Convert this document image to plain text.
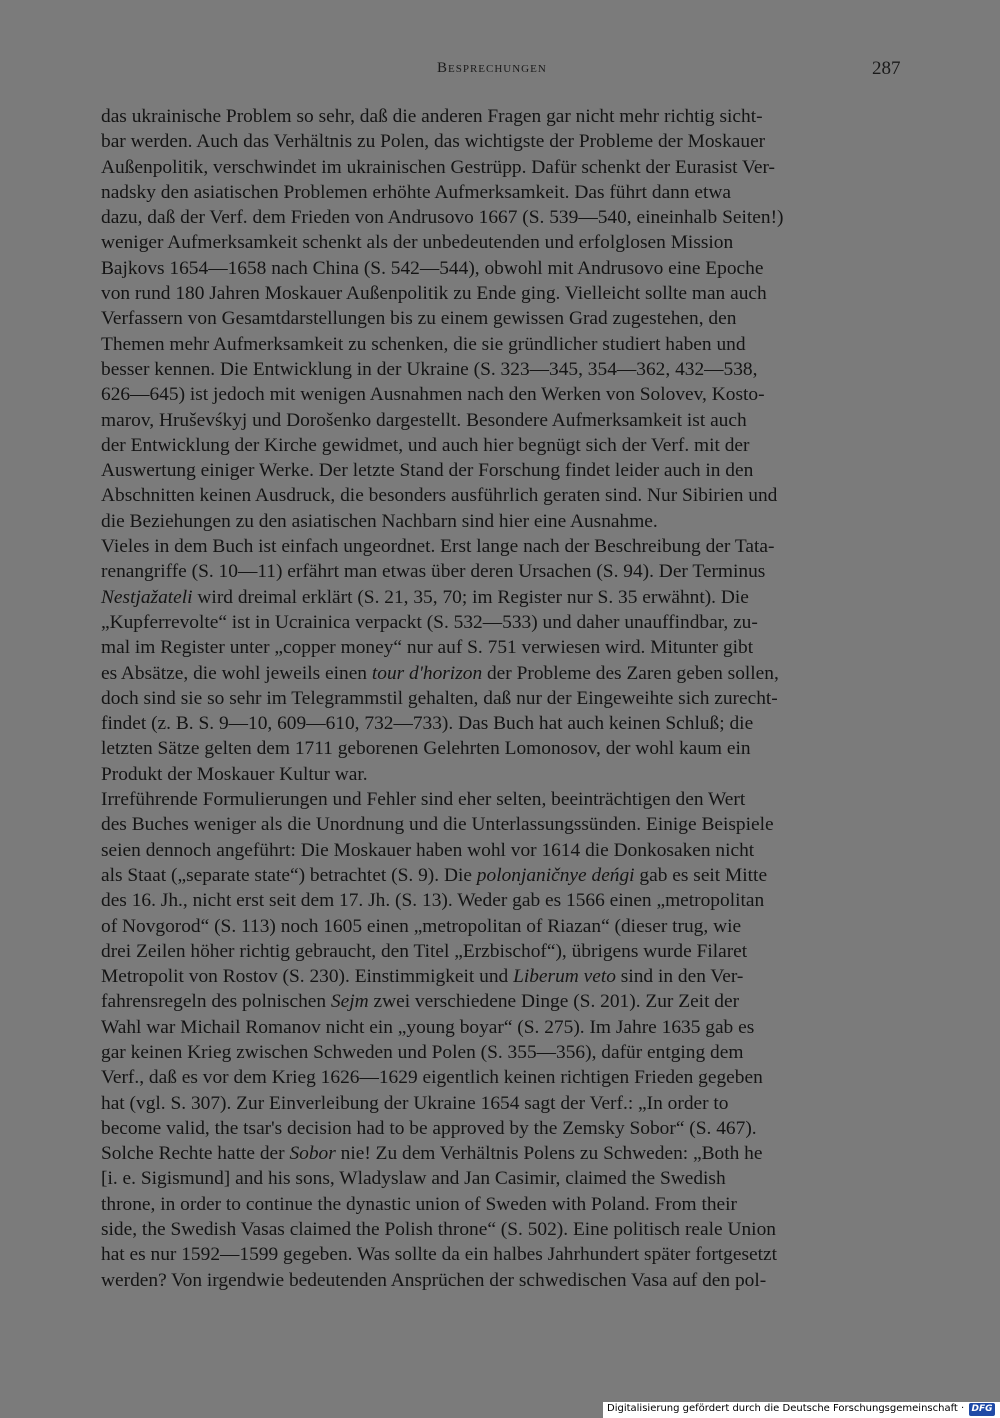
Besprechungen	287
das ukrainische Problem so sehr, daß die anderen Fragen gar nicht mehr richtig sicht-
bar werden. Auch das Verhältnis zu Polen, das wichtigste der Probleme der Moskauer
Außenpolitik, verschwindet im ukrainischen Gestrüpp. Dafür schenkt der Eurasist Ver-
nadsky den asiatischen Problemen erhöhte Aufmerksamkeit. Das führt dann etwa
dazu, daß der Verf. dem Frieden von Andrusovo 1667 (S. 539—540, eineinhalb Seiten!)
weniger Aufmerksamkeit schenkt als der unbedeutenden und erfolglosen Mission
Bajkovs 1654—1658 nach China (S. 542—544), obwohl mit Andrusovo eine Epoche
von rund 180 Jahren Moskauer Außenpolitik zu Ende ging. Vielleicht sollte man auch
Verfassern von Gesamtdarstellungen bis zu einem gewissen Grad zugestehen, den
Themen mehr Aufmerksamkeit zu schenken, die sie gründlicher studiert haben und
besser kennen. Die Entwicklung in der Ukraine (S. 323—345, 354—362, 432—538,
626—645) ist jedoch mit wenigen Ausnahmen nach den Werken von Solovev, Kosto-
marov, Hruševśkyj und Dorošenko dargestellt. Besondere Aufmerksamkeit ist auch
der Entwicklung der Kirche gewidmet, und auch hier begnügt sich der Verf. mit der
Auswertung einiger Werke. Der letzte Stand der Forschung findet leider auch in den
Abschnitten keinen Ausdruck, die besonders ausführlich geraten sind. Nur Sibirien und
die Beziehungen zu den asiatischen Nachbarn sind hier eine Ausnahme.
Vieles in dem Buch ist einfach ungeordnet. Erst lange nach der Beschreibung der Tata-
renangriffe (S. 10—11) erfährt man etwas über deren Ursachen (S. 94). Der Terminus
Nestjažateli wird dreimal erklärt (S. 21, 35, 70; im Register nur S. 35 erwähnt). Die
„Kupferrevolte“ ist in Ucrainica verpackt (S. 532—533) und daher unauffindbar, zu-
mal im Register unter „copper money“ nur auf S. 751 verwiesen wird. Mitunter gibt
es Absätze, die wohl jeweils einen tour d'horizon der Probleme des Zaren geben sollen,
doch sind sie so sehr im Telegrammstil gehalten, daß nur der Eingeweihte sich zurecht-
findet (z. B. S. 9—10, 609—610, 732—733). Das Buch hat auch keinen Schluß; die
letzten Sätze gelten dem 1711 geborenen Gelehrten Lomonosov, der wohl kaum ein
Produkt der Moskauer Kultur war.
Irreführende Formulierungen und Fehler sind eher selten, beeinträchtigen den Wert
des Buches weniger als die Unordnung und die Unterlassungssünden. Einige Beispiele
seien dennoch angeführt: Die Moskauer haben wohl vor 1614 die Donkosaken nicht
als Staat („separate state“) betrachtet (S. 9). Die polonjaničnye deńgi gab es seit Mitte
des 16. Jh., nicht erst seit dem 17. Jh. (S. 13). Weder gab es 1566 einen „metropolitan
of Novgorod“ (S. 113) noch 1605 einen „metropolitan of Riazan“ (dieser trug, wie
drei Zeilen höher richtig gebraucht, den Titel „Erzbischof“), übrigens wurde Filaret
Metropolit von Rostov (S. 230). Einstimmigkeit und Liberum veto sind in den Ver-
fahrensregeln des polnischen Sejm zwei verschiedene Dinge (S. 201). Zur Zeit der
Wahl war Michail Romanov nicht ein „young boyar“ (S. 275). Im Jahre 1635 gab es
gar keinen Krieg zwischen Schweden und Polen (S. 355—356), dafür entging dem
Verf., daß es vor dem Krieg 1626—1629 eigentlich keinen richtigen Frieden gegeben
hat (vgl. S. 307). Zur Einverleibung der Ukraine 1654 sagt der Verf.: „In order to
become valid, the tsar's decision had to be approved by the Zemsky Sobor“ (S. 467).
Solche Rechte hatte der Sobor nie! Zu dem Verhältnis Polens zu Schweden: „Both he
[i. e. Sigismund] and his sons, Wladyslaw and Jan Casimir, claimed the Swedish
throne, in order to continue the dynastic union of Sweden with Poland. From their
side, the Swedish Vasas claimed the Polish throne“ (S. 502). Eine politisch reale Union
hat es nur 1592—1599 gegeben. Was sollte da ein halbes Jahrhundert später fortgesetzt
werden? Von irgendwie bedeutenden Ansprüchen der schwedischen Vasa auf den pol-
Digitalisierung gefördert durch die Deutsche Forschungsgemeinschaft · DFG
